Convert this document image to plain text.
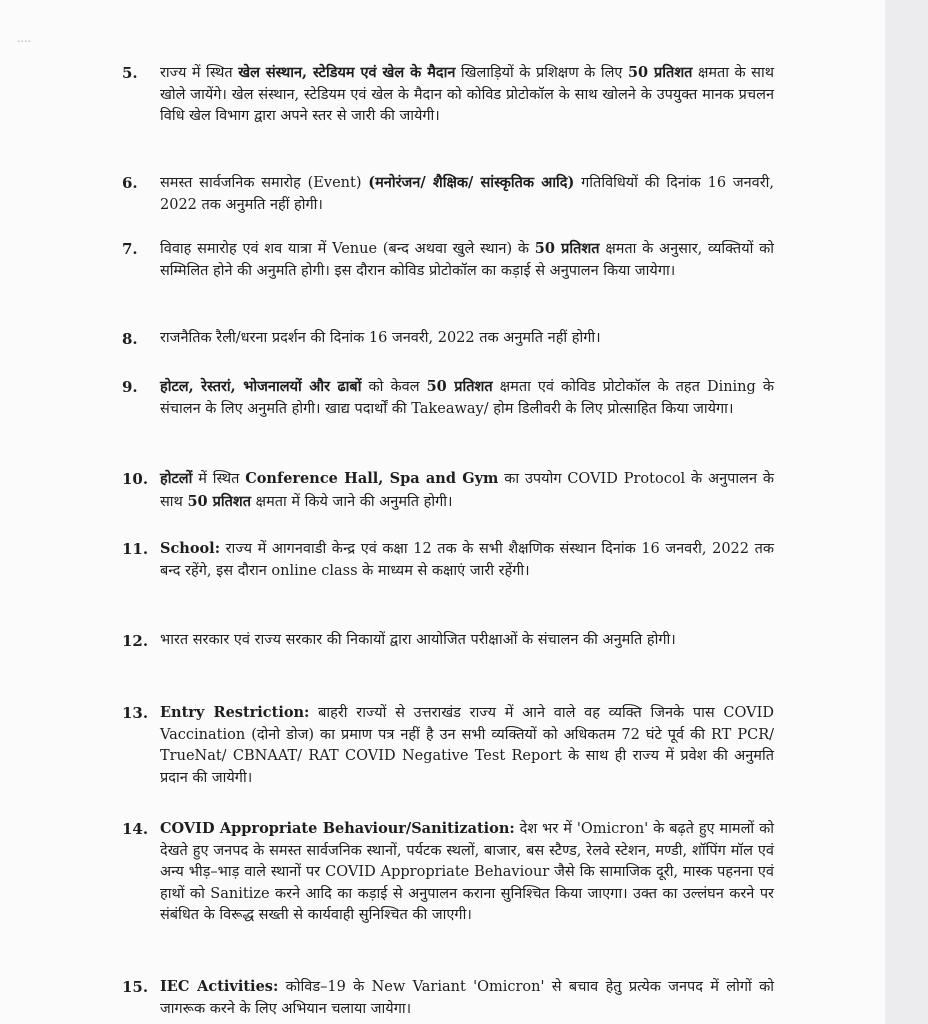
᠁
5.	राज्य में स्थित खेल संस्थान, स्टेडियम एवं खेल के मैदान खिलाड़ियों के प्रशिक्षण के लिए 50 प्रतिशत क्षमता के साथ खोले जायेंगे। खेल संस्थान, स्टेडियम एवं खेल के मैदान को कोविड प्रोटोकॉल के साथ खोलने के उपयुक्त मानक प्रचलन विधि खेल विभाग द्वारा अपने स्तर से जारी की जायेगी।
6.	समस्त सार्वजनिक समारोह (Event) (मनोरंजन/ शैक्षिक/ सांस्कृतिक आदि) गतिविधियों की दिनांक 16 जनवरी, 2022 तक अनुमति नहीं होगी।
7.	विवाह समारोह एवं शव यात्रा में Venue (बन्द अथवा खुले स्थान) के 50 प्रतिशत क्षमता के अनुसार, व्यक्तियों को सम्मिलित होने की अनुमति होगी। इस दौरान कोविड प्रोटोकॉल का कड़ाई से अनुपालन किया जायेगा।
8.	राजनैतिक रैली/धरना प्रदर्शन की दिनांक 16 जनवरी, 2022 तक अनुमति नहीं होगी।
9.	होटल, रेस्तरां, भोजनालयों और ढाबों को केवल 50 प्रतिशत क्षमता एवं कोविड प्रोटोकॉल के तहत Dining के संचालन के लिए अनुमति होगी। खाद्य पदार्थों की Takeaway/ होम डिलीवरी के लिए प्रोत्साहित किया जायेगा।
10. होटलों में स्थित Conference Hall, Spa and Gym का उपयोग COVID Protocol के अनुपालन के साथ 50 प्रतिशत क्षमता में किये जाने की अनुमति होगी।
11. School: राज्य में आगनवाडी केन्द्र एवं कक्षा 12 तक के सभी शैक्षणिक संस्थान दिनांक 16 जनवरी, 2022 तक बन्द रहेंगे, इस दौरान online class के माध्यम से कक्षाएं जारी रहेंगी।
12. भारत सरकार एवं राज्य सरकार की निकायों द्वारा आयोजित परीक्षाओं के संचालन की अनुमति होगी।
13. Entry Restriction: बाहरी राज्यों से उत्तराखंड राज्य में आने वाले वह व्यक्ति जिनके पास COVID Vaccination (दोनो डोज) का प्रमाण पत्र नहीं है उन सभी व्यक्तियों को अधिकतम 72 घंटे पूर्व की RT PCR/ TrueNat/ CBNAAT/ RAT COVID Negative Test Report के साथ ही राज्य में प्रवेश की अनुमति प्रदान की जायेगी।
14. COVID Appropriate Behaviour/Sanitization: देश भर में 'Omicron' के बढ़ते हुए मामलों को देखते हुए जनपद के समस्त सार्वजनिक स्थानों, पर्यटक स्थलों, बाजार, बस स्टैण्ड, रेलवे स्टेशन, मण्डी, शॉपिंग मॉल एवं अन्य भीड़–भाड़ वाले स्थानों पर COVID Appropriate Behaviour जैसे कि सामाजिक दूरी, मास्क पहनना एवं हाथों को Sanitize करने आदि का कड़ाई से अनुपालन कराना सुनिश्चित किया जाएगा। उक्त का उल्लंघन करने पर संबंधित के विरूद्ध सख्ती से कार्यवाही सुनिश्चित की जाएगी।
15. IEC Activities: कोविड–19 के New Variant 'Omicron' से बचाव हेतु प्रत्येक जनपद में लोगों को जागरूक करने के लिए अभियान चलाया जायेगा।
